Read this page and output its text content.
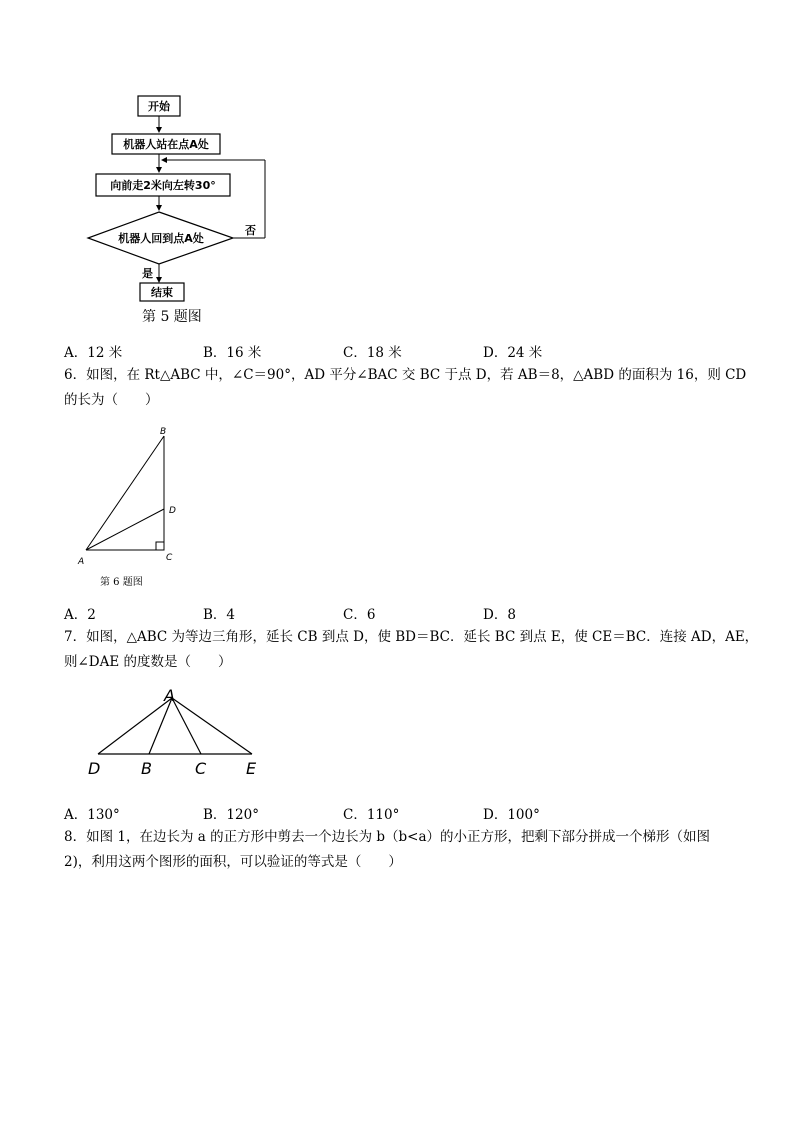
开始
机器人站在点A处
向前走2米向左转30°
机器人回到点A处
否
是
结束
第 5 题图
A．12 米	B．16 米	C．18 米	D．24 米
6．如图，在 Rt△ABC 中，∠C＝90°，AD 平分∠BAC 交 BC 于点 D，若 AB＝8，△ABD 的面积为 16，则 CD
的长为（　　）
B
D
A	C
第 6 题图
A．2	B．4	C．6	D．8
7．如图，△ABC 为等边三角形，延长 CB 到点 D，使 BD＝BC．延长 BC 到点 E，使 CE＝BC．连接 AD，AE，
则∠DAE 的度数是（　　）
A
D	B	C E
A．130°	B．120°	C．110°	D．100°
8．如图 1，在边长为 a 的正方形中剪去一个边长为 b（b<a）的小正方形，把剩下部分拼成一个梯形（如图
2)，利用这两个图形的面积，可以验证的等式是（　　）
